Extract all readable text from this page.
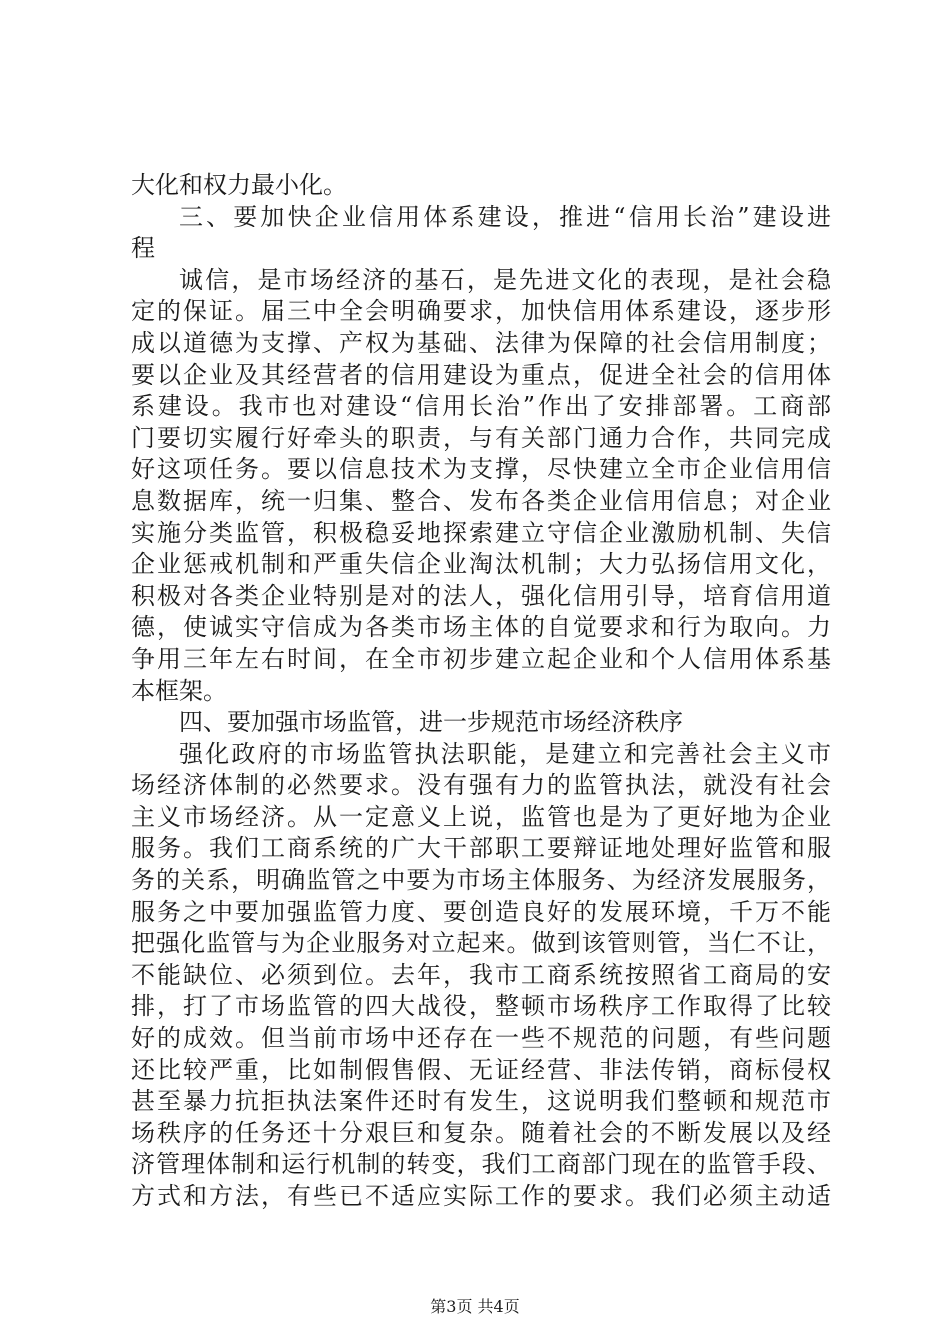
大化和权力最小化。
三、要加快企业信用体系建设，推进“信用长治”建设进
程
诚信，是市场经济的基石，是先进文化的表现，是社会稳
定的保证。届三中全会明确要求，加快信用体系建设，逐步形
成以道德为支撑、产权为基础、法律为保障的社会信用制度；
要以企业及其经营者的信用建设为重点，促进全社会的信用体
系建设。我市也对建设“信用长治”作出了安排部署。工商部
门要切实履行好牵头的职责，与有关部门通力合作，共同完成
好这项任务。要以信息技术为支撑，尽快建立全市企业信用信
息数据库，统一归集、整合、发布各类企业信用信息；对企业
实施分类监管，积极稳妥地探索建立守信企业激励机制、失信
企业惩戒机制和严重失信企业淘汰机制；大力弘扬信用文化，
积极对各类企业特别是对的法人，强化信用引导，培育信用道
德，使诚实守信成为各类市场主体的自觉要求和行为取向。力
争用三年左右时间，在全市初步建立起企业和个人信用体系基
本框架。
四、要加强市场监管，进一步规范市场经济秩序
强化政府的市场监管执法职能，是建立和完善社会主义市
场经济体制的必然要求。没有强有力的监管执法，就没有社会
主义市场经济。从一定意义上说，监管也是为了更好地为企业
服务。我们工商系统的广大干部职工要辩证地处理好监管和服
务的关系，明确监管之中要为市场主体服务、为经济发展服务，
服务之中要加强监管力度、要创造良好的发展环境，千万不能
把强化监管与为企业服务对立起来。做到该管则管，当仁不让，
不能缺位、必须到位。去年，我市工商系统按照省工商局的安
排，打了市场监管的四大战役，整顿市场秩序工作取得了比较
好的成效。但当前市场中还存在一些不规范的问题，有些问题
还比较严重，比如制假售假、无证经营、非法传销，商标侵权
甚至暴力抗拒执法案件还时有发生，这说明我们整顿和规范市
场秩序的任务还十分艰巨和复杂。随着社会的不断发展以及经
济管理体制和运行机制的转变，我们工商部门现在的监管手段、
方式和方法，有些已不适应实际工作的要求。我们必须主动适
第3页 共4页
